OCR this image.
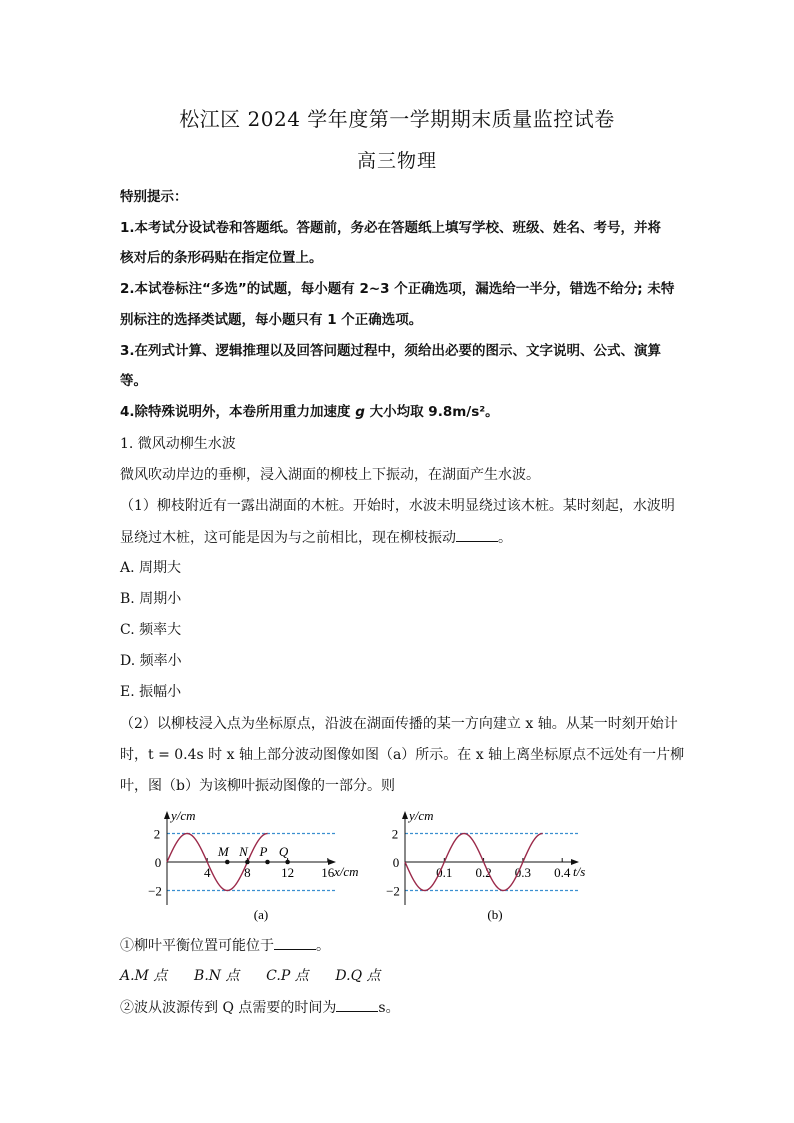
松江区 2024 学年度第一学期期末质量监控试卷
高三物理
特别提示：
1.本考试分设试卷和答题纸。答题前，务必在答题纸上填写学校、班级、姓名、考号，并将
核对后的条形码贴在指定位置上。
2.本试卷标注“多选”的试题，每小题有 2~3 个正确选项，漏选给一半分，错选不给分; 未特
别标注的选择类试题，每小题只有 1 个正确选项。
3.在列式计算、逻辑推理以及回答问题过程中，须给出必要的图示、文字说明、公式、演算
等。
4.除特殊说明外，本卷所用重力加速度 g 大小均取 9.8m/s²。
1. 微风动柳生水波
微风吹动岸边的垂柳，浸入湖面的柳枝上下振动，在湖面产生水波。
（1）柳枝附近有一露出湖面的木桩。开始时，水波未明显绕过该木桩。某时刻起，水波明
显绕过木桩，这可能是因为与之前相比，现在柳枝振动	。
A. 周期大
B. 周期小
C. 频率大
D. 频率小
E. 振幅小
（2）以柳枝浸入点为坐标原点，沿波在湖面传播的某一方向建立 x 轴。从某一时刻开始计
时，t = 0.4s 时 x 轴上部分波动图像如图（a）所示。在 x 轴上离坐标原点不远处有一片柳
叶，图（b）为该柳叶振动图像的一部分。则
y/cm
x/cm
2
0
−2
4	8 12 16
M N P Q
(a)
y/cm
t/s
2
0
−2
0.1 0.2 0.3 0.4
(b)
①柳叶平衡位置可能位于	。
A.M 点      B.N 点      C.P 点      D.Q 点
②波从波源传到 Q 点需要的时间为	s。
